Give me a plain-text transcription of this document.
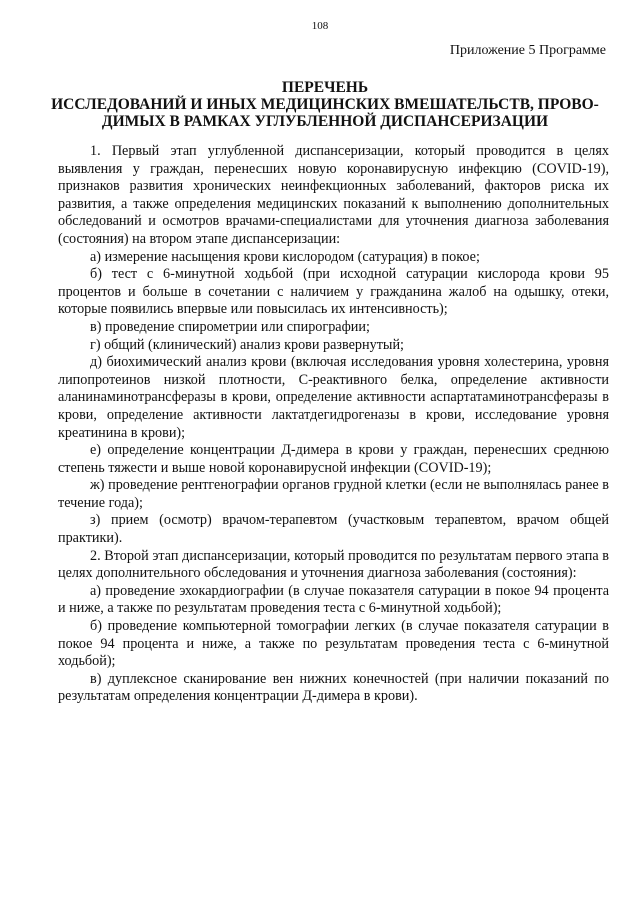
108
Приложение 5 Программе
ПЕРЕЧЕНЬ
ИССЛЕДОВАНИЙ И ИНЫХ МЕДИЦИНСКИХ ВМЕШАТЕЛЬСТВ, ПРОВО-
ДИМЫХ В РАМКАХ УГЛУБЛЕННОЙ ДИСПАНСЕРИЗАЦИИ

1. Первый этап углубленной диспансеризации, который проводится в целях выявления у граждан, перенесших новую коронавирусную инфекцию (COVID-19), признаков развития хронических неинфекционных заболеваний, факторов риска их развития, а также определения медицинских показаний к выполнению дополнительных обследований и осмотров врачами-специалистами для уточнения диагноза заболевания (состояния) на втором этапе диспансеризации:

а) измерение насыщения крови кислородом (сатурация) в покое;

б) тест с 6-минутной ходьбой (при исходной сатурации кислорода крови 95 процентов и больше в сочетании с наличием у гражданина жалоб на одышку, отеки, которые появились впервые или повысилась их интенсивность);

в) проведение спирометрии или спирографии;

г) общий (клинический) анализ крови развернутый;

д) биохимический анализ крови (включая исследования уровня холестерина, уровня липопротеинов низкой плотности, С-реактивного белка, определение активности аланинаминотрансферазы в крови, определение активности аспартатаминотрансферазы в крови, определение активности лактатдегидрогеназы в крови, исследование уровня креатинина в крови);

е) определение концентрации Д-димера в крови у граждан, перенесших среднюю степень тяжести и выше новой коронавирусной инфекции (COVID-19);

ж) проведение рентгенографии органов грудной клетки (если не выполнялась ранее в течение года);

з) прием (осмотр) врачом-терапевтом (участковым терапевтом, врачом общей практики).

2. Второй этап диспансеризации, который проводится по результатам первого этапа в целях дополнительного обследования и уточнения диагноза заболевания (состояния):

а) проведение эхокардиографии (в случае показателя сатурации в покое 94 процента и ниже, а также по результатам проведения теста с 6-минутной ходьбой);

б) проведение компьютерной томографии легких (в случае показателя сатурации в покое 94 процента и ниже, а также по результатам проведения теста с 6-минутной ходьбой);

в) дуплексное сканирование вен нижних конечностей (при наличии показаний по результатам определения концентрации Д-димера в крови).
